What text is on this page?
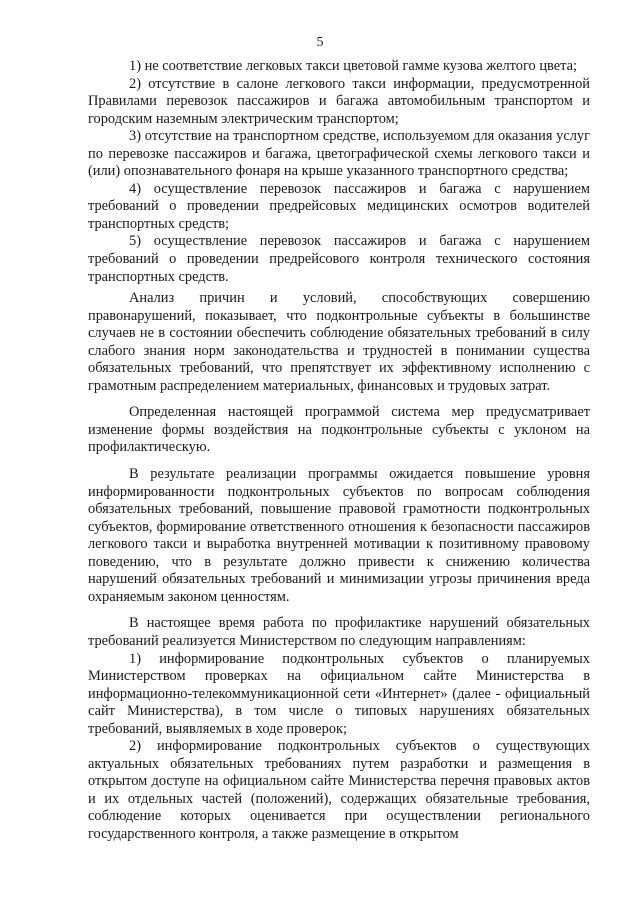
5

1) не соответствие легковых такси цветовой гамме кузова желтого цвета;

2) отсутствие в салоне легкового такси информации, предусмотренной Правилами перевозок пассажиров и багажа автомобильным транспортом и городским наземным электрическим транспортом;

3) отсутствие на транспортном средстве, используемом для оказания услуг по перевозке пассажиров и багажа, цветографической схемы легкового такси и (или) опознавательного фонаря на крыше указанного транспортного средства;

4) осуществление перевозок пассажиров и багажа с нарушением требований о проведении предрейсовых медицинских осмотров водителей транспортных средств;

5) осуществление перевозок пассажиров и багажа с нарушением требований о проведении предрейсового контроля технического состояния транспортных средств.

Анализ причин и условий, способствующих совершению правонарушений, показывает, что подконтрольные субъекты в большинстве случаев не в состоянии обеспечить соблюдение обязательных требований в силу слабого знания норм законодательства и трудностей в понимании существа обязательных требований, что препятствует их эффективному исполнению с грамотным распределением материальных, финансовых и трудовых затрат.

Определенная настоящей программой система мер предусматривает изменение формы воздействия на подконтрольные субъекты с уклоном на профилактическую.

В результате реализации программы ожидается повышение уровня информированности подконтрольных субъектов по вопросам соблюдения обязательных требований, повышение правовой грамотности подконтрольных субъектов, формирование ответственного отношения к безопасности пассажиров легкового такси и выработка внутренней мотивации к позитивному правовому поведению, что в результате должно привести к снижению количества нарушений обязательных требований и минимизации угрозы причинения вреда охраняемым законом ценностям.

В настоящее время работа по профилактике нарушений обязательных требований реализуется Министерством по следующим направлениям:

1) информирование подконтрольных субъектов о планируемых Министерством проверках на официальном сайте Министерства в информационно-телекоммуникационной сети «Интернет» (далее - официальный сайт Министерства), в том числе о типовых нарушениях обязательных требований, выявляемых в ходе проверок;

2) информирование подконтрольных субъектов о существующих актуальных обязательных требованиях путем разработки и размещения в открытом доступе на официальном сайте Министерства перечня правовых актов и их отдельных частей (положений), содержащих обязательные требования, соблюдение которых оценивается при осуществлении регионального государственного контроля, а также размещение в открытом
